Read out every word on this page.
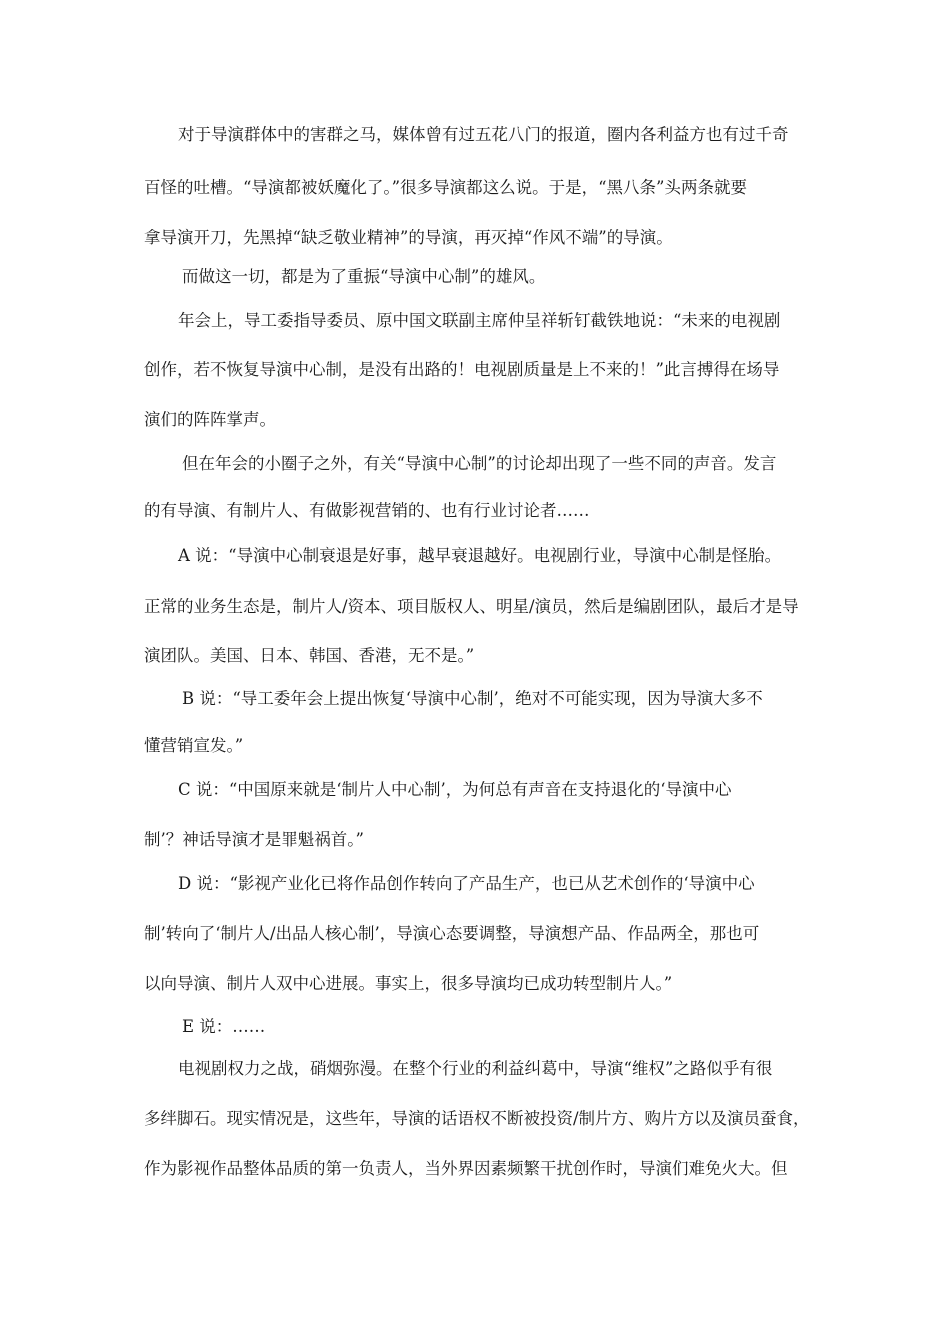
对于导演群体中的害群之马，媒体曾有过五花八门的报道，圈内各利益方也有过千奇
百怪的吐槽。“导演都被妖魔化了。”很多导演都这么说。于是，“黑八条”头两条就要
拿导演开刀，先黑掉“缺乏敬业精神”的导演，再灭掉“作风不端”的导演。
而做这一切，都是为了重振“导演中心制”的雄风。
年会上，导工委指导委员、原中国文联副主席仲呈祥斩钉截铁地说：“未来的电视剧
创作，若不恢复导演中心制，是没有出路的！电视剧质量是上不来的！”此言搏得在场导
演们的阵阵掌声。
但在年会的小圈子之外，有关“导演中心制”的讨论却出现了一些不同的声音。发言
的有导演、有制片人、有做影视营销的、也有行业讨论者……
A 说：“导演中心制衰退是好事，越早衰退越好。电视剧行业，导演中心制是怪胎。
正常的业务生态是，制片人/资本、项目版权人、明星/演员，然后是编剧团队，最后才是导
演团队。美国、日本、韩国、香港，无不是。”
B 说：“导工委年会上提出恢复‘导演中心制’，绝对不可能实现，因为导演大多不
懂营销宣发。”
C 说：“中国原来就是‘制片人中心制’，为何总有声音在支持退化的‘导演中心
制’？神话导演才是罪魁祸首。”
D 说：“影视产业化已将作品创作转向了产品生产，也已从艺术创作的‘导演中心
制’转向了‘制片人/出品人核心制’，导演心态要调整，导演想产品、作品两全，那也可
以向导演、制片人双中心进展。事实上，很多导演均已成功转型制片人。”
E 说：……
电视剧权力之战，硝烟弥漫。在整个行业的利益纠葛中，导演“维权”之路似乎有很
多绊脚石。现实情况是，这些年，导演的话语权不断被投资/制片方、购片方以及演员蚕食，
作为影视作品整体品质的第一负责人，当外界因素频繁干扰创作时，导演们难免火大。但
